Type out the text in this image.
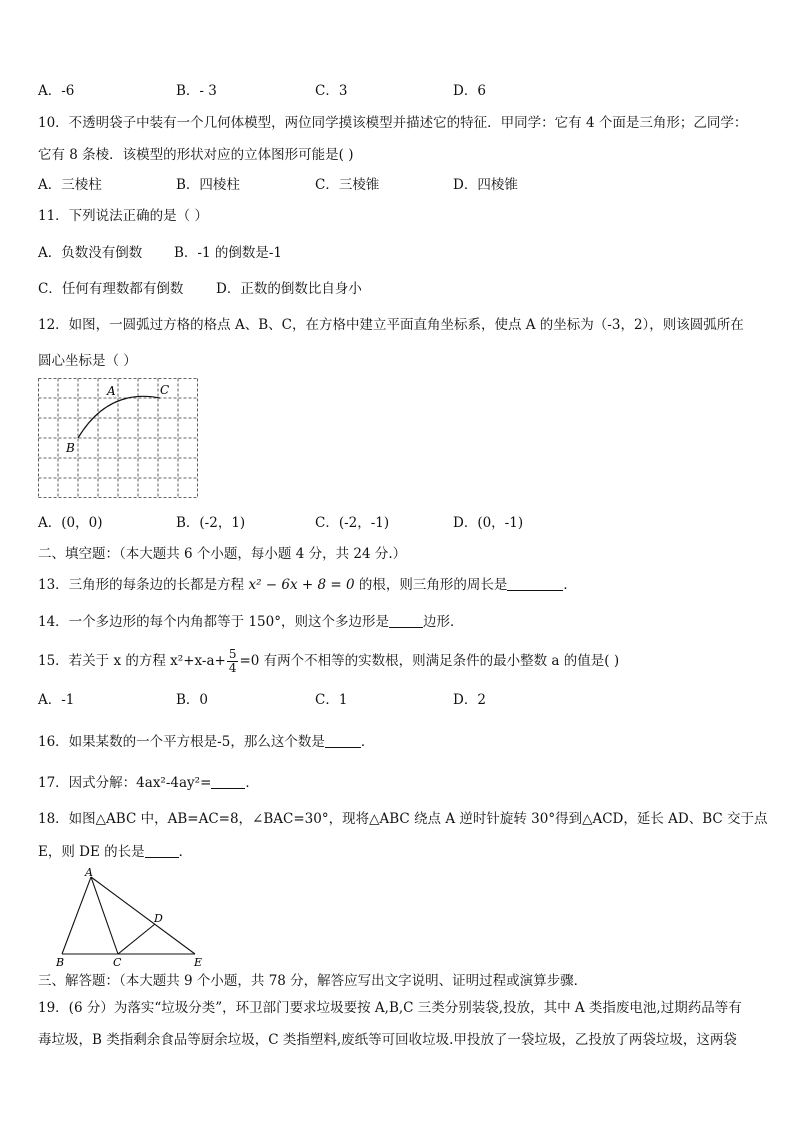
A．-6	B．- 3	C．3	D．6
10．不透明袋子中装有一个几何体模型，两位同学摸该模型并描述它的特征．甲同学：它有 4 个面是三角形；乙同学：
它有 8 条棱．该模型的形状对应的立体图形可能是( )
A．三棱柱	B．四棱柱	C．三棱锥	D．四棱锥
11．下列说法正确的是（ ）
A．负数没有倒数 B．-1 的倒数是-1
C．任何有理数都有倒数 D．正数的倒数比自身小
12．如图，一圆弧过方格的格点 A、B、C，在方格中建立平面直角坐标系，使点 A 的坐标为（-3，2），则该圆弧所在
圆心坐标是（ ）
A	C
B
A．(0，0)	B．(-2，1)	C．(-2，-1)	D．(0，-1)
二、填空题：（本大题共 6 个小题，每小题 4 分，共 24 分.）
13．三角形的每条边的长都是方程 x² − 6x + 8 = 0 的根，则三角形的周长是	．
14．一个多边形的每个内角都等于 150°，则这个多边形是	边形．
15．若关于 x 的方程 $x^2+x-a+ \frac{5}{4} =0$ 有两个不相等的实数根，则满足条件的最小整数 a 的值是( )
A．-1	B．0	C．1	D．2
16．如果某数的一个平方根是-5，那么这个数是	．
17．因式分解：4ax²-4ay²=	．
18．如图△ABC 中，AB=AC=8，∠BAC=30°，现将△ABC 绕点 A 逆时针旋转 30°得到△ACD，延长 AD、BC 交于点
E，则 DE 的长是	．
A
B	C
D
E
三、解答题：（本大题共 9 个小题，共 78 分，解答应写出文字说明、证明过程或演算步骤．
19．(6 分）为落实“垃圾分类”，环卫部门要求垃圾要按 A,B,C 三类分别装袋,投放，其中 A 类指废电池,过期药品等有
毒垃圾，B 类指剩余食品等厨余垃圾，C 类指塑料,废纸等可回收垃圾.甲投放了一袋垃圾，乙投放了两袋垃圾，这两袋
